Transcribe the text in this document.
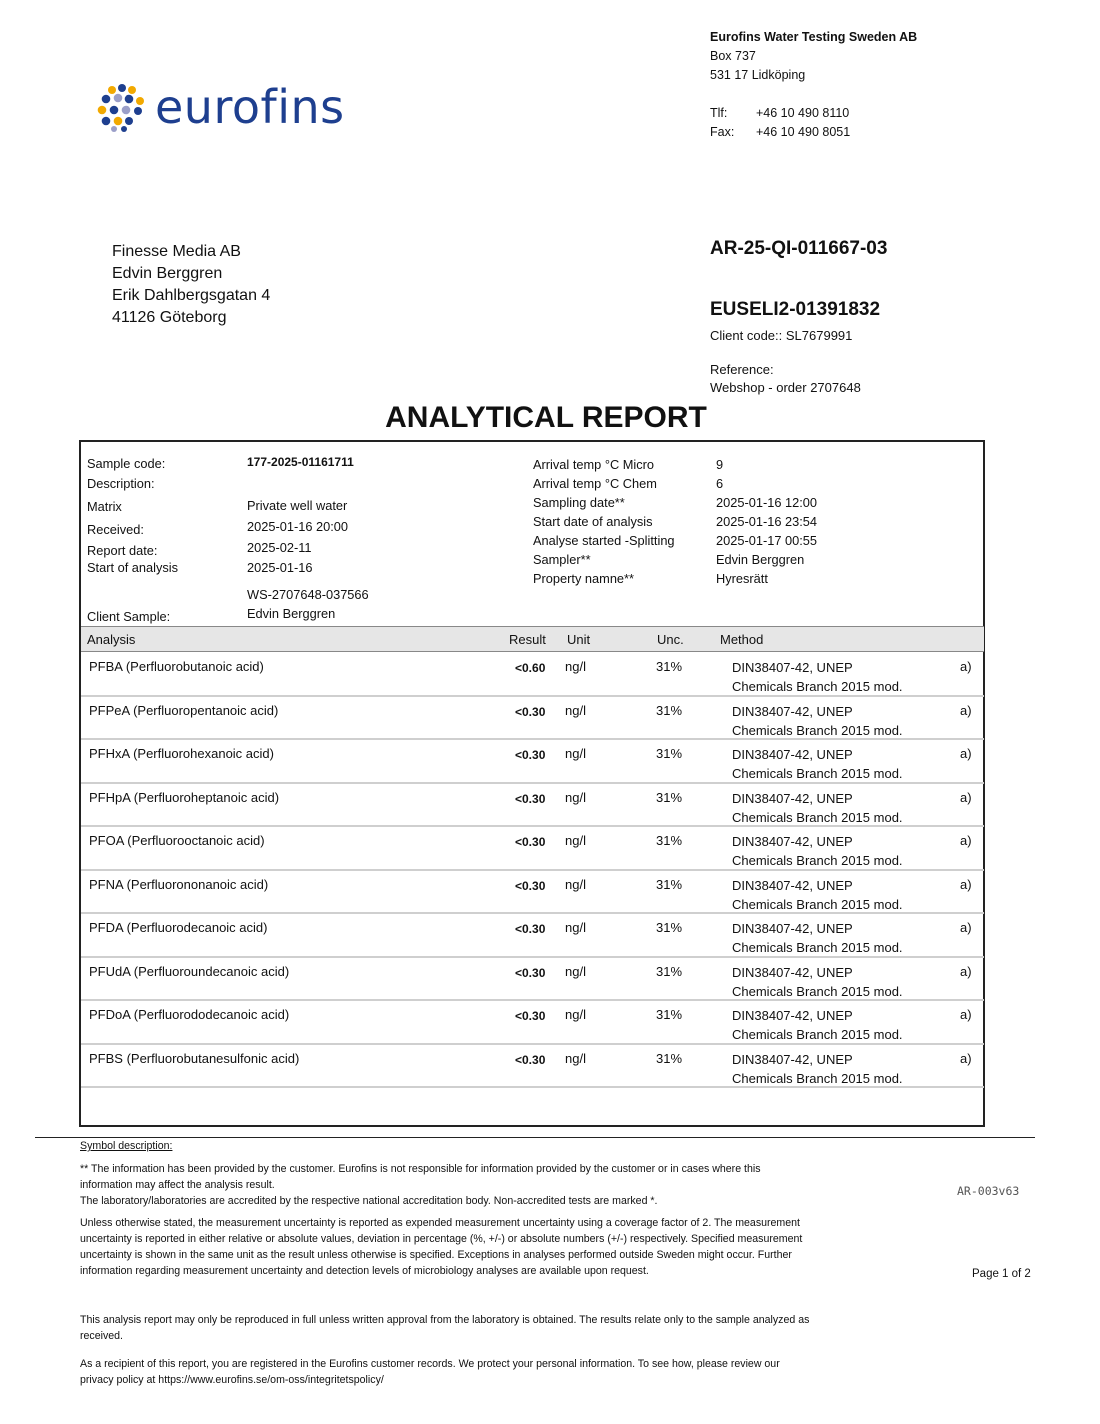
eurofins
Eurofins Water Testing Sweden AB
Box 737
531 17 Lidköping
Tlf:	+46 10 490 8110
Fax:	+46 10 490 8051
Finesse Media AB
Edvin Berggren
Erik Dahlbergsgatan 4
41126 Göteborg
AR-25-QI-011667-03
EUSELI2-01391832
Client code:: SL7679991
Reference:
Webshop - order 2707648
ANALYTICAL REPORT
Sample code:	177-2025-01161711
Description:
Matrix	Private well water
Received:	2025-01-16 20:00
Report date:	2025-02-11
Start of analysis	2025-01-16
WS-2707648-037566
Client Sample:	Edvin Berggren
Arrival temp °C Micro	9
Arrival temp °C Chem	6
Sampling date**	2025-01-16 12:00
Start date of analysis	2025-01-16 23:54
Analyse started -Splitting	2025-01-17 00:55
Sampler**	Edvin Berggren
Property namne**	Hyresrätt
Analysis	Result Unit	Unc.	Method
PFBA (Perfluorobutanoic acid)	<0.60 ng/l	31%	DIN38407-42, UNEP
Chemicals Branch 2015 mod.
a)
PFPeA (Perfluoropentanoic acid)	<0.30 ng/l	31%	DIN38407-42, UNEP
Chemicals Branch 2015 mod.
a)
PFHxA (Perfluorohexanoic acid)	<0.30 ng/l	31%	DIN38407-42, UNEP
Chemicals Branch 2015 mod.
a)
PFHpA (Perfluoroheptanoic acid)	<0.30 ng/l	31%	DIN38407-42, UNEP
Chemicals Branch 2015 mod.
a)
PFOA (Perfluorooctanoic acid)	<0.30 ng/l	31%	DIN38407-42, UNEP
Chemicals Branch 2015 mod.
a)
PFNA (Perfluorononanoic acid)	<0.30 ng/l	31%	DIN38407-42, UNEP
Chemicals Branch 2015 mod.
a)
PFDA (Perfluorodecanoic acid)	<0.30 ng/l	31%	DIN38407-42, UNEP
Chemicals Branch 2015 mod.
a)
PFUdA (Perfluoroundecanoic acid)	<0.30 ng/l	31%	DIN38407-42, UNEP
Chemicals Branch 2015 mod.
a)
PFDoA (Perfluorododecanoic acid)	<0.30 ng/l	31%	DIN38407-42, UNEP
Chemicals Branch 2015 mod.
a)
PFBS (Perfluorobutanesulfonic acid)	<0.30 ng/l	31%	DIN38407-42, UNEP
Chemicals Branch 2015 mod.
a)
Symbol description:
** The information has been provided by the customer. Eurofins is not responsible for information provided by the customer or in cases where this information may affect the analysis result.
The laboratory/laboratories are accredited by the respective national accreditation body. Non-accredited tests are marked *.
Unless otherwise stated, the measurement uncertainty is reported as expended measurement uncertainty using a coverage factor of 2. The measurement uncertainty is reported in either relative or absolute values, deviation in percentage (%, +/-) or absolute numbers (+/-) respectively. Specified measurement uncertainty is shown in the same unit as the result unless otherwise is specified. Exceptions in analyses performed outside Sweden might occur. Further information regarding measurement uncertainty and detection levels of microbiology analyses are available upon request.
This analysis report may only be reproduced in full unless written approval from the laboratory is obtained. The results relate only to the sample analyzed as received.
As a recipient of this report, you are registered in the Eurofins customer records. We protect your personal information. To see how, please review our privacy policy at https://www.eurofins.se/om-oss/integritetspolicy/
AR-003v63
Page 1 of 2
